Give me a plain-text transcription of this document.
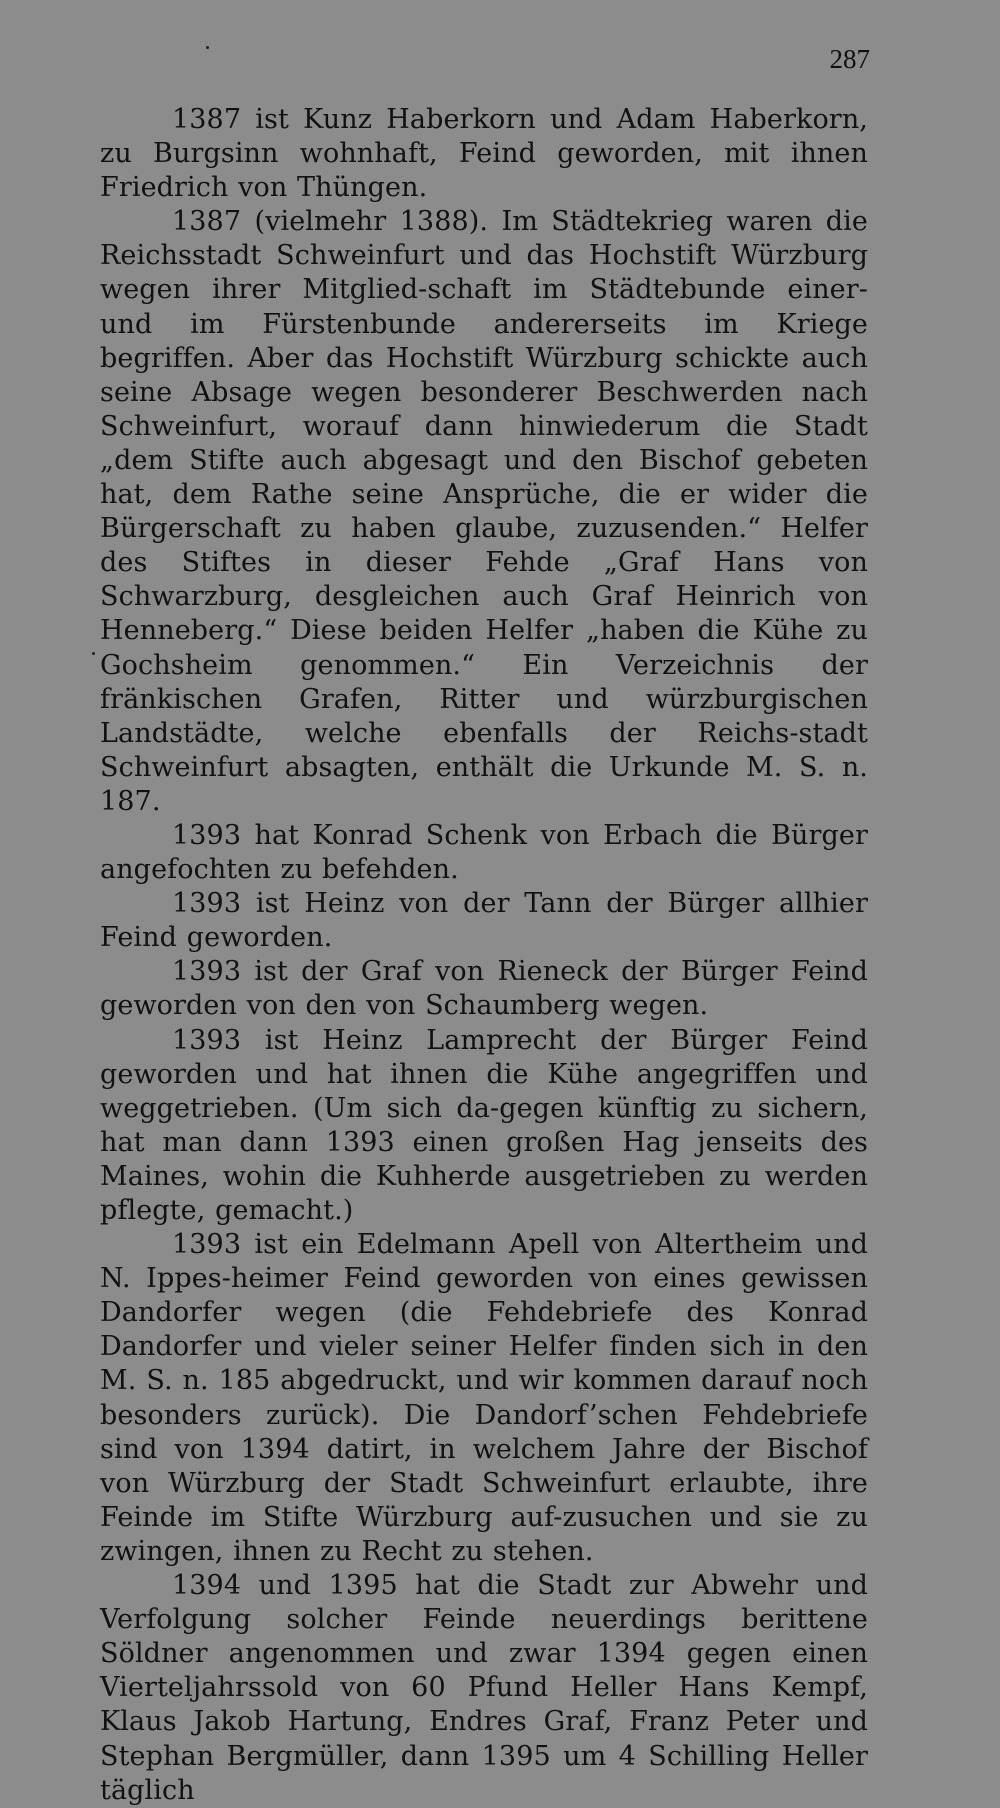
287

1387 ist Kunz Haberkorn und Adam Haberkorn, zu Burgsinn wohnhaft, Feind geworden, mit ihnen Friedrich von Thüngen.

1387 (vielmehr 1388). Im Städtekrieg waren die Reichsstadt Schweinfurt und das Hochstift Würzburg wegen ihrer Mitglied-schaft im Städtebunde einer- und im Fürstenbunde andererseits im Kriege begriffen. Aber das Hochstift Würzburg schickte auch seine Absage wegen besonderer Beschwerden nach Schweinfurt, worauf dann hinwiederum die Stadt „dem Stifte auch abgesagt und den Bischof gebeten hat, dem Rathe seine Ansprüche, die er wider die Bürgerschaft zu haben glaube, zuzusenden.“ Helfer des Stiftes in dieser Fehde „Graf Hans von Schwarzburg, desgleichen auch Graf Heinrich von Henneberg.“ Diese beiden Helfer „haben die Kühe zu Gochsheim genommen.“ Ein Verzeichnis der fränkischen Grafen, Ritter und würzburgischen Landstädte, welche ebenfalls der Reichs-stadt Schweinfurt absagten, enthält die Urkunde M. S. n. 187.

1393 hat Konrad Schenk von Erbach die Bürger angefochten zu befehden.

1393 ist Heinz von der Tann der Bürger allhier Feind geworden.

1393 ist der Graf von Rieneck der Bürger Feind geworden von den von Schaumberg wegen.

1393 ist Heinz Lamprecht der Bürger Feind geworden und hat ihnen die Kühe angegriffen und weggetrieben. (Um sich da-gegen künftig zu sichern, hat man dann 1393 einen großen Hag jenseits des Maines, wohin die Kuhherde ausgetrieben zu werden pflegte, gemacht.)

1393 ist ein Edelmann Apell von Altertheim und N. Ippes-heimer Feind geworden von eines gewissen Dandorfer wegen (die Fehdebriefe des Konrad Dandorfer und vieler seiner Helfer finden sich in den M. S. n. 185 abgedruckt, und wir kommen darauf noch besonders zurück). Die Dandorf’schen Fehdebriefe sind von 1394 datirt, in welchem Jahre der Bischof von Würzburg der Stadt Schweinfurt erlaubte, ihre Feinde im Stifte Würzburg auf-zusuchen und sie zu zwingen, ihnen zu Recht zu stehen.

1394 und 1395 hat die Stadt zur Abwehr und Verfolgung solcher Feinde neuerdings berittene Söldner angenommen und zwar 1394 gegen einen Vierteljahrssold von 60 Pfund Heller Hans Kempf, Klaus Jakob Hartung, Endres Graf, Franz Peter und Stephan Bergmüller, dann 1395 um 4 Schilling Heller täglich
